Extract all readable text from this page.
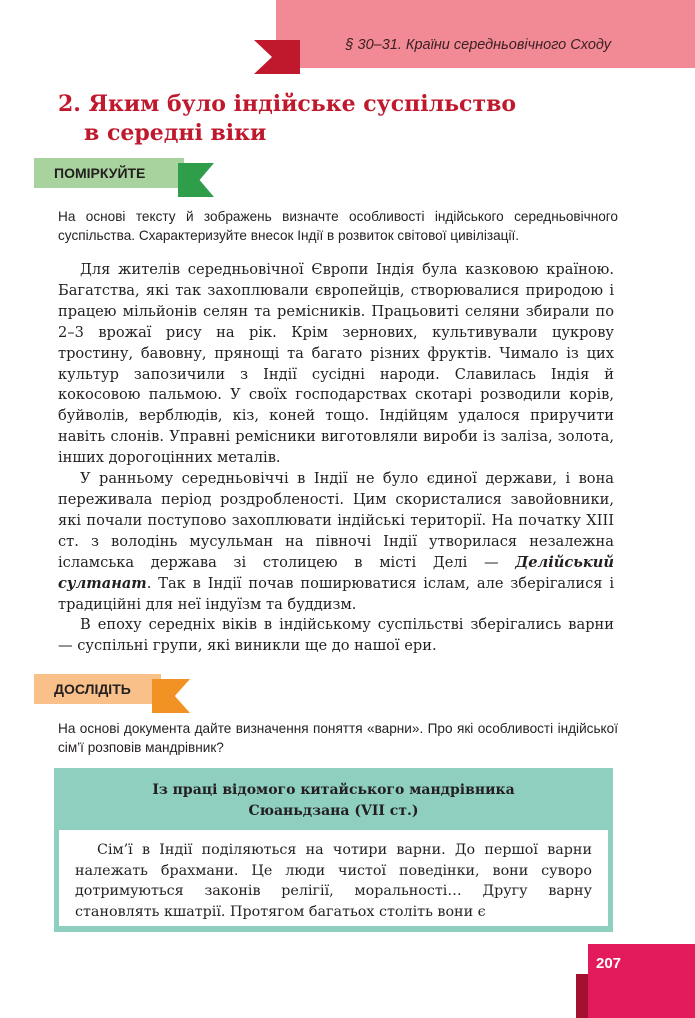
§ 30–31. Країни середньовічного Сходу
2. Яким було індійське суспільство
в середні віки
ПОМІРКУЙТЕ
На основі тексту й зображень визначте особливості індійського середньовічного суспільства. Схарактеризуйте внесок Індії в розвиток світової цивілізації.

Для жителів середньовічної Європи Індія була казковою країною. Багатства, які так захоплювали європейців, створювалися природою і працею мільйонів селян та ремісників. Працьовиті селяни збирали по 2–3 врожаї рису на рік. Крім зернових, культивували цукрову тростину, бавовну, прянощі та багато різних фруктів. Чимало із цих культур запозичили з Індії сусідні народи. Славилась Індія й кокосовою пальмою. У своїх господарствах скотарі розводили корів, буйволів, верблюдів, кіз, коней тощо. Індійцям удалося приручити навіть слонів. Управні ремісники виготовляли вироби із заліза, золота, інших дорогоцінних металів.

У ранньому середньовіччі в Індії не було єдиної держави, і вона переживала період роздробленості. Цим скористалися завойовники, які почали поступово захоплювати індійські території. На початку XIII ст. з володінь мусульман на півночі Індії утворилася незалежна ісламська держава зі столицею в місті Делі — Делійський султанат. Так в Індії почав поширюватися іслам, але зберігалися і традиційні для неї індуїзм та буддизм.

В епоху середніх віків в індійському суспільстві зберігались варни — суспільні групи, які виникли ще до нашої ери.

ДОСЛІДІТЬ
На основі документа дайте визначення поняття «варни». Про які особливості індійської сім’ї розповів мандрівник?
Із праці відомого китайського мандрівника
Сюаньдзана (VII ст.)
Сім’ї в Індії поділяються на чотири варни. До першої варни належать брахмани. Це люди чистої поведінки, вони суворо дотримуються законів релігії, моральності… Другу варну становлять кшатрії. Протягом багатьох століть вони є
207
